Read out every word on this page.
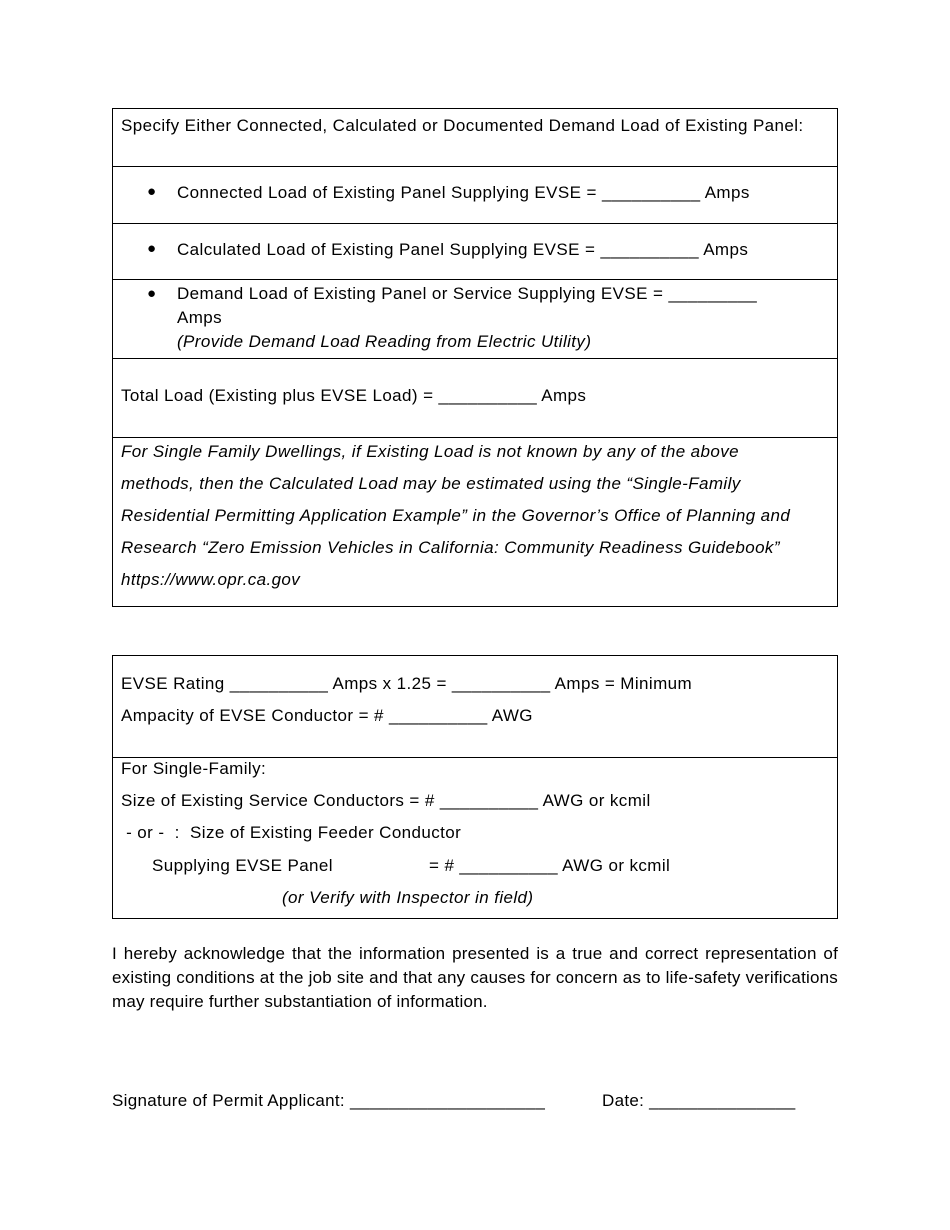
Specify Either Connected, Calculated or Documented Demand Load of Existing Panel:
● Connected Load of Existing Panel Supplying EVSE = __________ Amps
● Calculated Load of Existing Panel Supplying EVSE = __________ Amps
● Demand Load of Existing Panel or Service Supplying EVSE = _________
Amps
(Provide Demand Load Reading from Electric Utility)
Total Load (Existing plus EVSE Load) = __________ Amps
For Single Family Dwellings, if Existing Load is not known by any of the above
methods, then the Calculated Load may be estimated using the “Single-Family
Residential Permitting Application Example” in the Governor’s Office of Planning and
Research “Zero Emission Vehicles in California: Community Readiness Guidebook”
https://www.opr.ca.gov
EVSE Rating __________ Amps x 1.25 = __________ Amps = Minimum
Ampacity of EVSE Conductor = # __________ AWG
For Single-Family:
Size of Existing Service Conductors = # __________ AWG or kcmil
- or -  :  Size of Existing Feeder Conductor
Supplying EVSE Panel	= # __________ AWG or kcmil
(or Verify with Inspector in field)
I hereby acknowledge that the information presented is a true and correct representation of existing conditions at the job site and that any causes for concern as to life-safety verifications may require further substantiation of information.
Signature of Permit Applicant: ____________________	Date: _______________
